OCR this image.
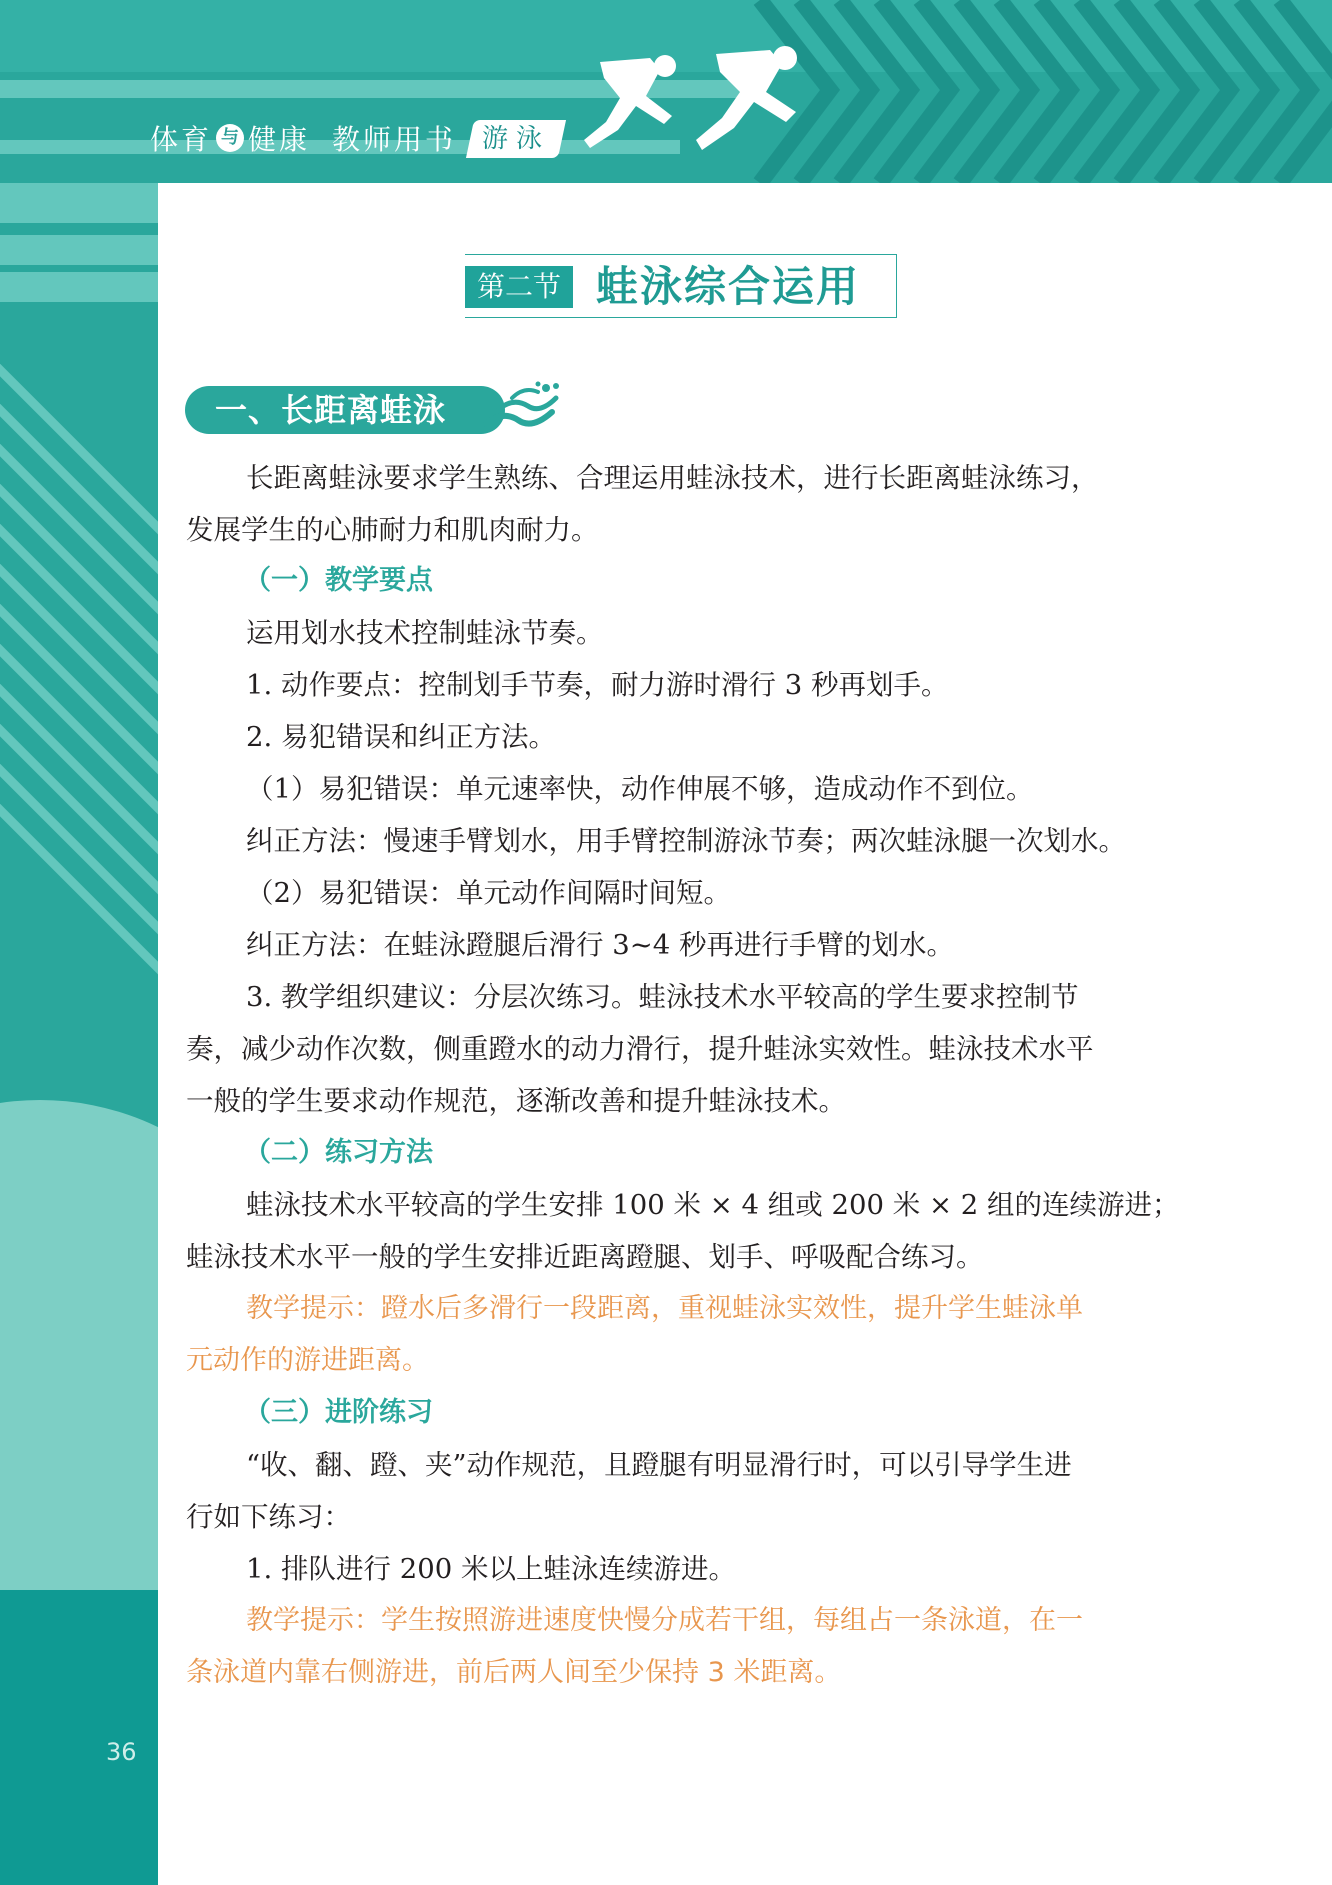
体育 与 健康 教师用书 游泳
第二节 蛙泳综合运用
一、长距离蛙泳
长距离蛙泳要求学生熟练、合理运用蛙泳技术，进行长距离蛙泳练习，
发展学生的心肺耐力和肌肉耐力。
（一）教学要点
运用划水技术控制蛙泳节奏。
1. 动作要点：控制划手节奏，耐力游时滑行 3 秒再划手。
2. 易犯错误和纠正方法。
（1）易犯错误：单元速率快，动作伸展不够，造成动作不到位。
纠正方法：慢速手臂划水，用手臂控制游泳节奏；两次蛙泳腿一次划水。
（2）易犯错误：单元动作间隔时间短。
纠正方法：在蛙泳蹬腿后滑行 3~4 秒再进行手臂的划水。
3. 教学组织建议：分层次练习。蛙泳技术水平较高的学生要求控制节
奏，减少动作次数，侧重蹬水的动力滑行，提升蛙泳实效性。蛙泳技术水平
一般的学生要求动作规范，逐渐改善和提升蛙泳技术。
（二）练习方法
蛙泳技术水平较高的学生安排 100 米 × 4 组或 200 米 × 2 组的连续游进；
蛙泳技术水平一般的学生安排近距离蹬腿、划手、呼吸配合练习。
教学提示：蹬水后多滑行一段距离，重视蛙泳实效性，提升学生蛙泳单
元动作的游进距离。
（三）进阶练习
“收、翻、蹬、夹”动作规范，且蹬腿有明显滑行时，可以引导学生进
行如下练习：
1. 排队进行 200 米以上蛙泳连续游进。
教学提示：学生按照游进速度快慢分成若干组，每组占一条泳道，在一
条泳道内靠右侧游进，前后两人间至少保持 3 米距离。
36
